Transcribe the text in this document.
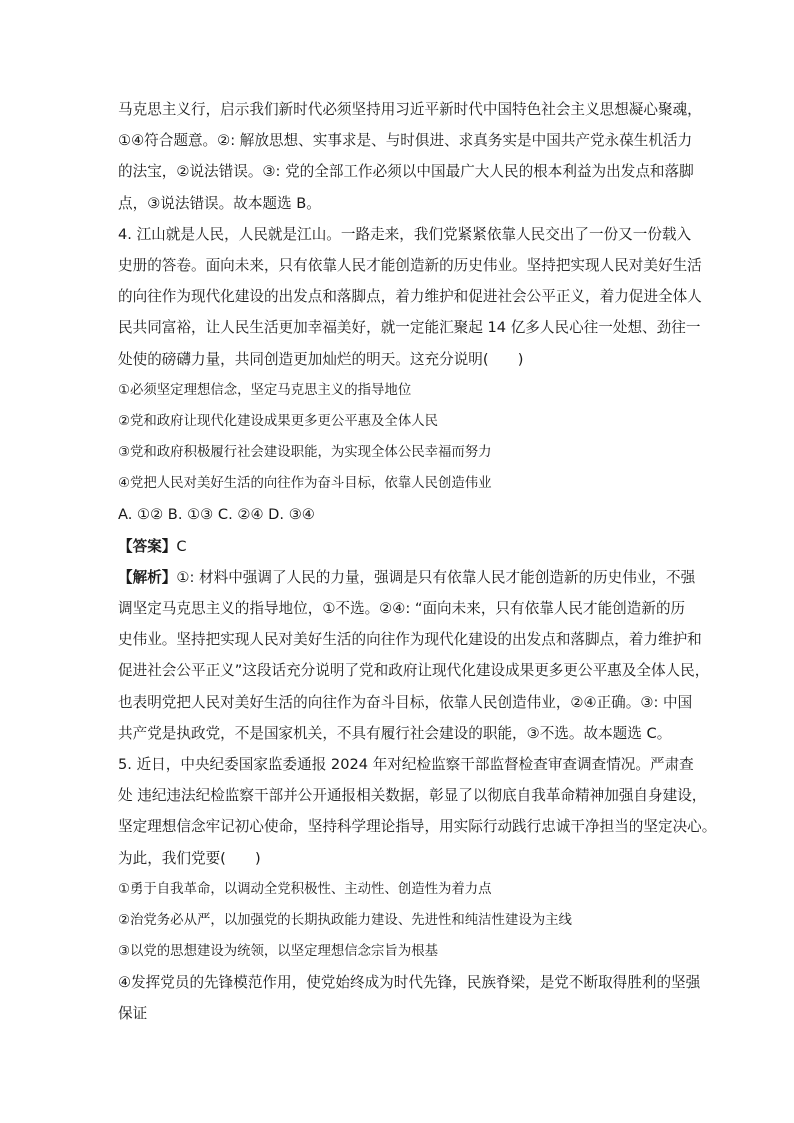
马克思主义行，启示我们新时代必须坚持用习近平新时代中国特色社会主义思想凝心聚魂，
①④符合题意。②: 解放思想、实事求是、与时俱进、求真务实是中国共产党永葆生机活力
的法宝，②说法错误。③: 党的全部工作必须以中国最广大人民的根本利益为出发点和落脚
点，③说法错误。故本题选 B。
4. 江山就是人民，人民就是江山。一路走来，我们党紧紧依靠人民交出了一份又一份载入
史册的答卷。面向未来，只有依靠人民才能创造新的历史伟业。坚持把实现人民对美好生活
的向往作为现代化建设的出发点和落脚点，着力维护和促进社会公平正义，着力促进全体人
民共同富裕，让人民生活更加幸福美好，就一定能汇聚起 14 亿多人民心往一处想、劲往一
处使的磅礴力量，共同创造更加灿烂的明天。这充分说明(　　)
①必须坚定理想信念，坚定马克思主义的指导地位
②党和政府让现代化建设成果更多更公平惠及全体人民
③党和政府积极履行社会建设职能，为实现全体公民幸福而努力
④党把人民对美好生活的向往作为奋斗目标，依靠人民创造伟业
A. ①② B. ①③ C. ②④ D. ③④
【答案】C
【解析】①: 材料中强调了人民的力量，强调是只有依靠人民才能创造新的历史伟业，不强
调坚定马克思主义的指导地位，①不选。②④: “面向未来，只有依靠人民才能创造新的历
史伟业。坚持把实现人民对美好生活的向往作为现代化建设的出发点和落脚点，着力维护和
促进社会公平正义”这段话充分说明了党和政府让现代化建设成果更多更公平惠及全体人民，
也表明党把人民对美好生活的向往作为奋斗目标，依靠人民创造伟业，②④正确。③: 中国
共产党是执政党，不是国家机关，不具有履行社会建设的职能，③不选。故本题选 C。
5. 近日，中央纪委国家监委通报 2024 年对纪检监察干部监督检查审查调查情况。严肃查
处 违纪违法纪检监察干部并公开通报相关数据，彰显了以彻底自我革命精神加强自身建设，
坚定理想信念牢记初心使命，坚持科学理论指导，用实际行动践行忠诚干净担当的坚定决心。
为此，我们党要(　　)
①勇于自我革命，以调动全党积极性、主动性、创造性为着力点
②治党务必从严，以加强党的长期执政能力建设、先进性和纯洁性建设为主线
③以党的思想建设为统领，以坚定理想信念宗旨为根基
④发挥党员的先锋模范作用，使党始终成为时代先锋，民族脊梁，是党不断取得胜利的坚强
保证
